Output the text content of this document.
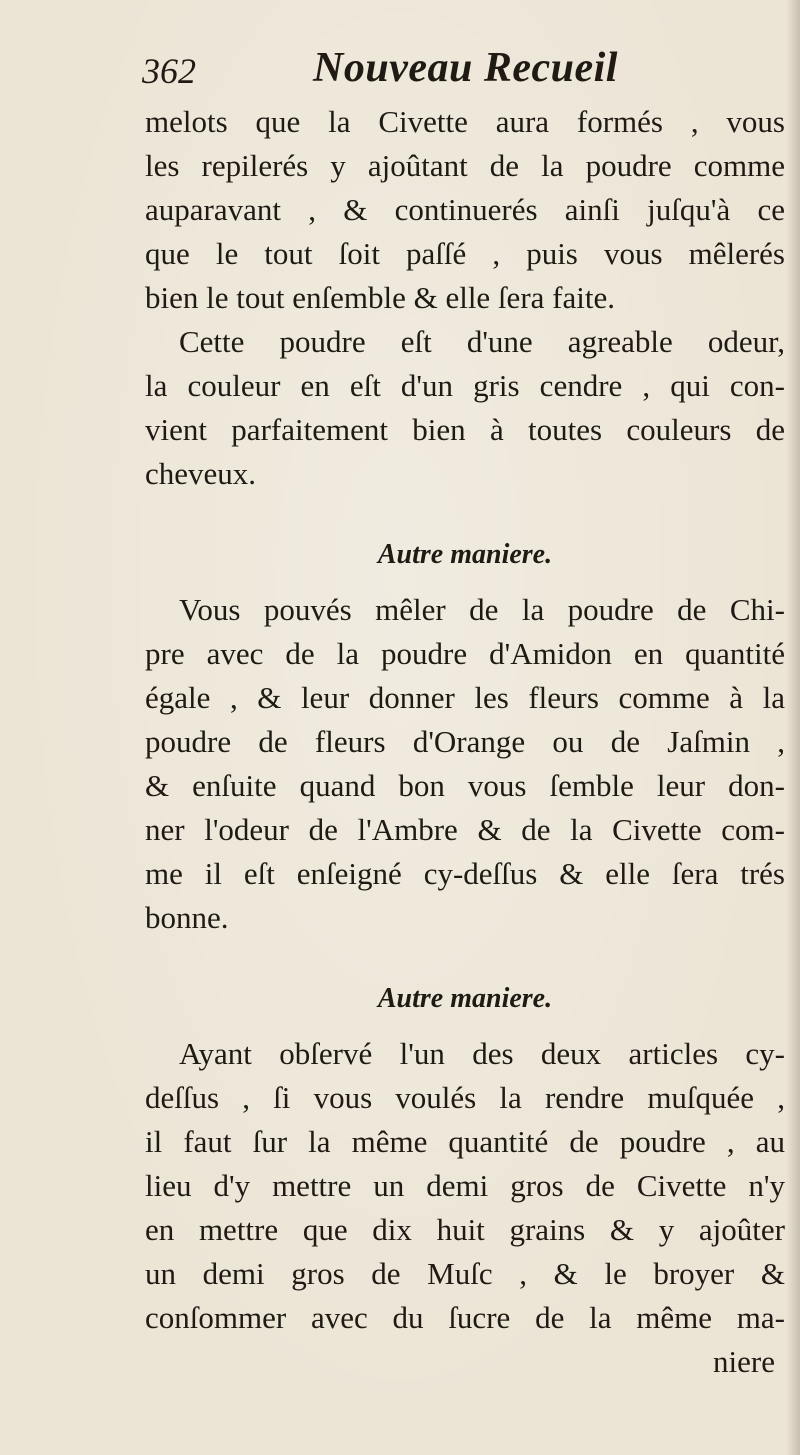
362	Nouveau Recueil
melots que la Civette aura formés , vous
les repilerés y ajoûtant de la poudre comme
auparavant , & continuerés ainſi juſqu'à ce
que le tout ſoit paſſé , puis vous mêlerés
bien le tout enſemble & elle ſera faite.
Cette poudre eſt d'une agreable odeur,
la couleur en eſt d'un gris cendre , qui con-
vient parfaitement bien à toutes couleurs de
cheveux.
Autre maniere.
Vous pouvés mêler de la poudre de Chi-
pre avec de la poudre d'Amidon en quantité
égale , & leur donner les fleurs comme à la
poudre de fleurs d'Orange ou de Jaſmin ,
& enſuite quand bon vous ſemble leur don-
ner l'odeur de l'Ambre & de la Civette com-
me il eſt enſeigné cy-deſſus & elle ſera trés
bonne.
Autre maniere.
Ayant obſervé l'un des deux articles cy-
deſſus , ſi vous voulés la rendre muſquée ,
il faut ſur la même quantité de poudre , au
lieu d'y mettre un demi gros de Civette n'y
en mettre que dix huit grains & y ajoûter
un demi gros de Muſc , & le broyer &
conſommer avec du ſucre de la même ma-
niere
